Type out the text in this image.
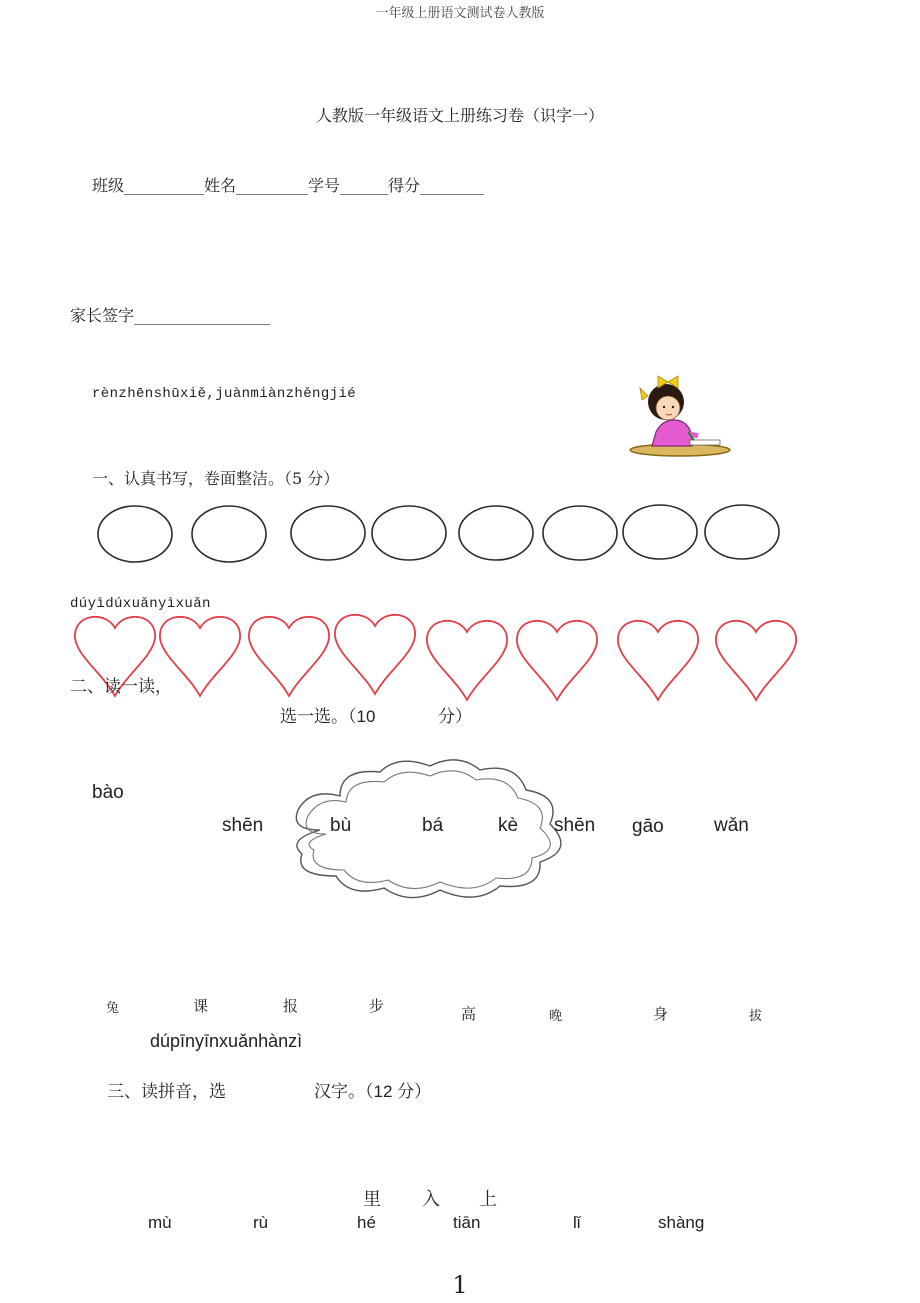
一年级上册语文测试卷人教版
人教版一年级语文上册练习卷（识字一）
班级__________姓名_________学号______得分________
家长签字_________________
rènzhēnshūxiě,juànmiànzhěngjié
一、认真书写，卷面整洁。（5 分）
dúyìdúxuǎnyìxuǎn
二、读一读，
选一选。（10	分）
bào
shēn	bù	bá	kè shēn gāo	wǎn
兔	课	报	步	高	晚	身	拔
dúpīnyīnxuǎnhànzì
三、读拼音，选	汉字。（12 分）
里 入 上
mù	rù	hé	tiān	lǐ	shàng
1
